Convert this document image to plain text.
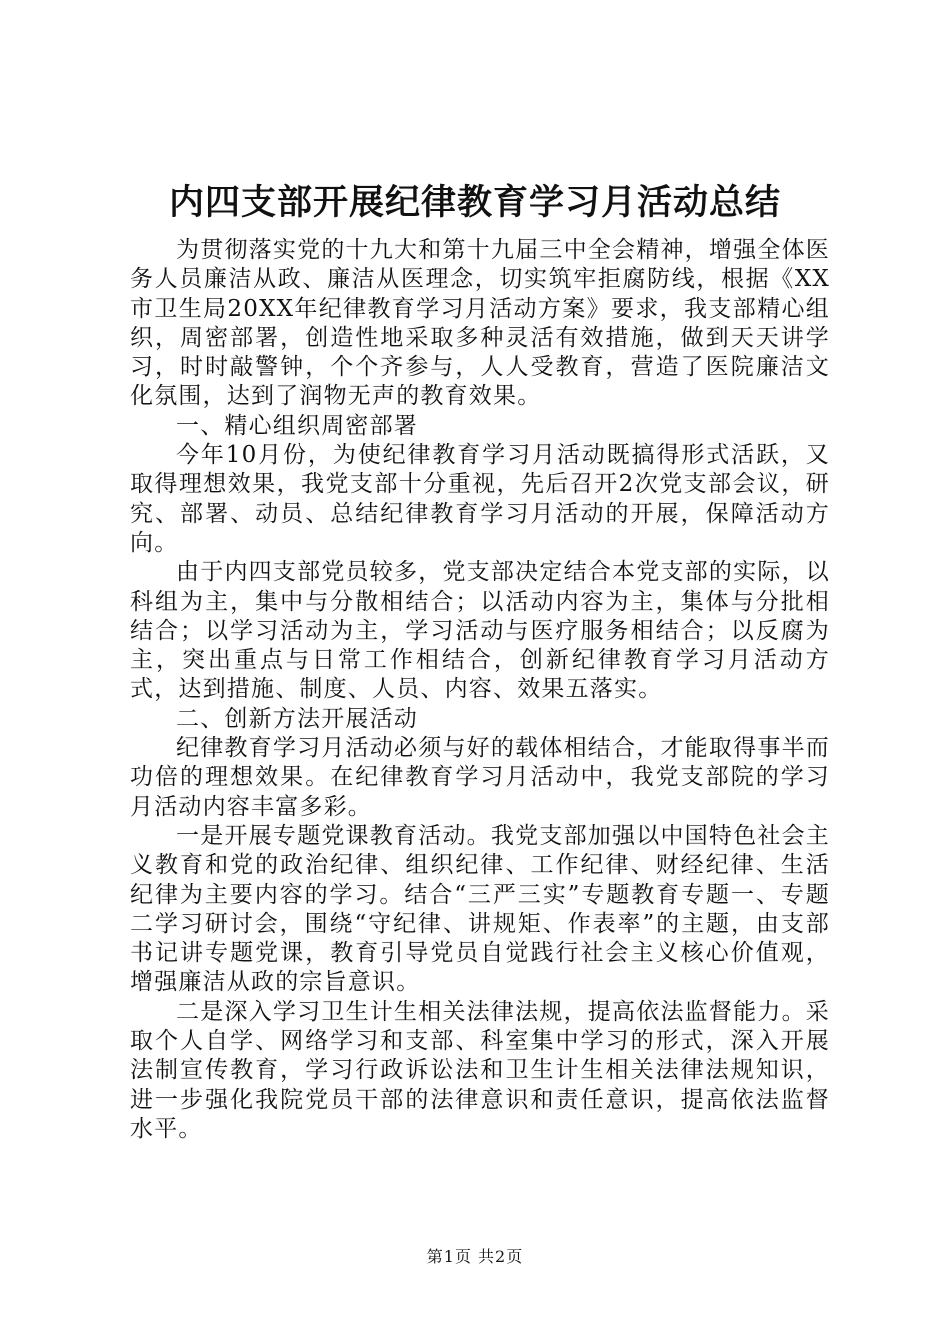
内四支部开展纪律教育学习月活动总结

为贯彻落实党的十九大和第十九届三中全会精神，增强全体医务人员廉洁从政、廉洁从医理念，切实筑牢拒腐防线，根据《XX市卫生局20XX年纪律教育学习月活动方案》要求，我支部精心组织，周密部署，创造性地采取多种灵活有效措施，做到天天讲学习，时时敲警钟，个个齐参与，人人受教育，营造了医院廉洁文化氛围，达到了润物无声的教育效果。

一、精心组织周密部署

今年10月份，为使纪律教育学习月活动既搞得形式活跃，又取得理想效果，我党支部十分重视，先后召开2次党支部会议，研究、部署、动员、总结纪律教育学习月活动的开展，保障活动方向。

由于内四支部党员较多，党支部决定结合本党支部的实际，以科组为主，集中与分散相结合；以活动内容为主，集体与分批相结合；以学习活动为主，学习活动与医疗服务相结合；以反腐为主，突出重点与日常工作相结合，创新纪律教育学习月活动方式，达到措施、制度、人员、内容、效果五落实。

二、创新方法开展活动

纪律教育学习月活动必须与好的载体相结合，才能取得事半而功倍的理想效果。在纪律教育学习月活动中，我党支部院的学习月活动内容丰富多彩。

一是开展专题党课教育活动。我党支部加强以中国特色社会主义教育和党的政治纪律、组织纪律、工作纪律、财经纪律、生活纪律为主要内容的学习。结合“三严三实”专题教育专题一、专题二学习研讨会，围绕“守纪律、讲规矩、作表率”的主题，由支部书记讲专题党课，教育引导党员自觉践行社会主义核心价值观，增强廉洁从政的宗旨意识。

二是深入学习卫生计生相关法律法规，提高依法监督能力。采取个人自学、网络学习和支部、科室集中学习的形式，深入开展法制宣传教育，学习行政诉讼法和卫生计生相关法律法规知识，进一步强化我院党员干部的法律意识和责任意识，提高依法监督水平。

第1页 共2页
